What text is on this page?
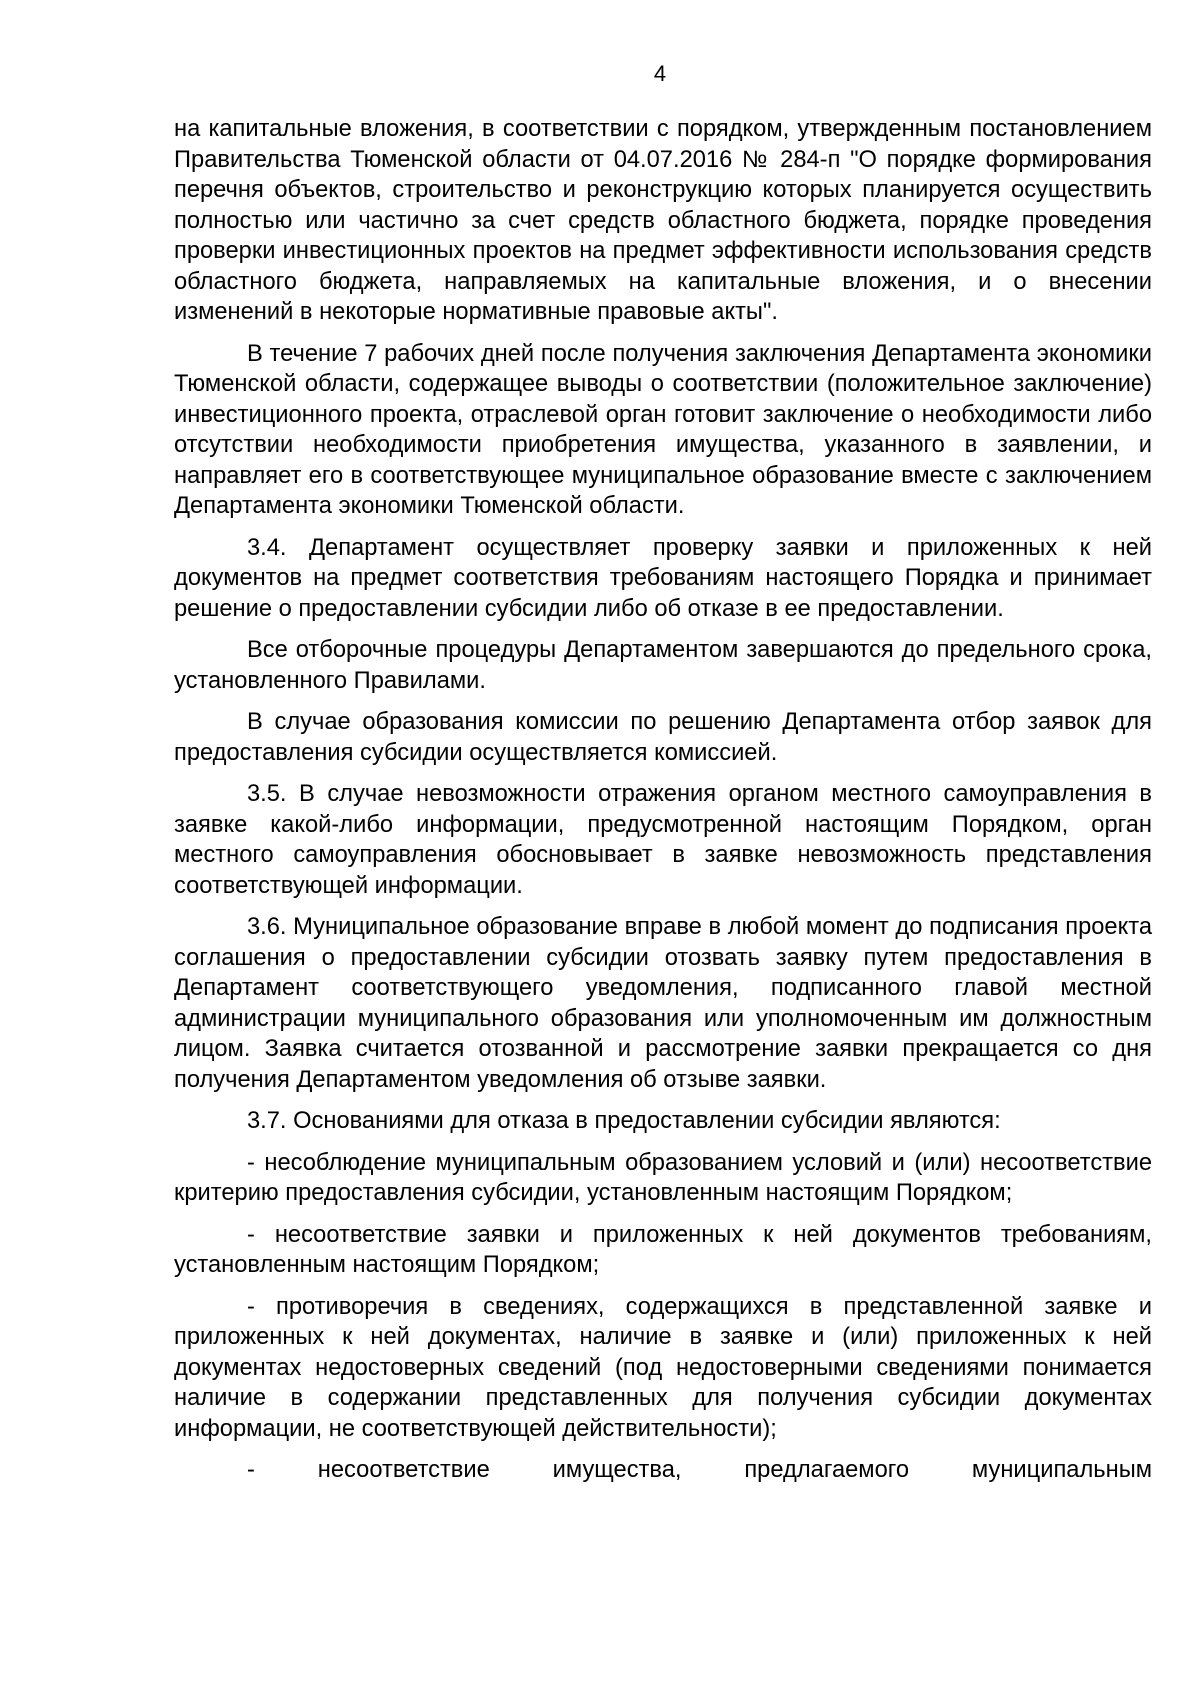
4

на капитальные вложения, в соответствии с порядком, утвержденным постановлением Правительства Тюменской области от 04.07.2016 № 284-п "О порядке формирования перечня объектов, строительство и реконструкцию которых планируется осуществить полностью или частично за счет средств областного бюджета, порядке проведения проверки инвестиционных проектов на предмет эффективности использования средств областного бюджета, направляемых на капитальные вложения, и о внесении изменений в некоторые нормативные правовые акты".

В течение 7 рабочих дней после получения заключения Департамента экономики Тюменской области, содержащее выводы о соответствии (положительное заключение) инвестиционного проекта, отраслевой орган готовит заключение о необходимости либо отсутствии необходимости приобретения имущества, указанного в заявлении, и направляет его в соответствующее муниципальное образование вместе с заключением Департамента экономики Тюменской области.

3.4. Департамент осуществляет проверку заявки и приложенных к ней документов на предмет соответствия требованиям настоящего Порядка и принимает решение о предоставлении субсидии либо об отказе в ее предоставлении.

Все отборочные процедуры Департаментом завершаются до предельного срока, установленного Правилами.

В случае образования комиссии по решению Департамента отбор заявок для предоставления субсидии осуществляется комиссией.

3.5. В случае невозможности отражения органом местного самоуправления в заявке какой-либо информации, предусмотренной настоящим Порядком, орган местного самоуправления обосновывает в заявке невозможность представления соответствующей информации.

3.6. Муниципальное образование вправе в любой момент до подписания проекта соглашения о предоставлении субсидии отозвать заявку путем предоставления в Департамент соответствующего уведомления, подписанного главой местной администрации муниципального образования или уполномоченным им должностным лицом. Заявка считается отозванной и рассмотрение заявки прекращается со дня получения Департаментом уведомления об отзыве заявки.

3.7. Основаниями для отказа в предоставлении субсидии являются:

- несоблюдение муниципальным образованием условий и (или) несоответствие критерию предоставления субсидии, установленным настоящим Порядком;

- несоответствие заявки и приложенных к ней документов требованиям, установленным настоящим Порядком;

- противоречия в сведениях, содержащихся в представленной заявке и приложенных к ней документах, наличие в заявке и (или) приложенных к ней документах недостоверных сведений (под недостоверными сведениями понимается наличие в содержании представленных для получения субсидии документах информации, не соответствующей действительности);

- несоответствие имущества, предлагаемого муниципальным
